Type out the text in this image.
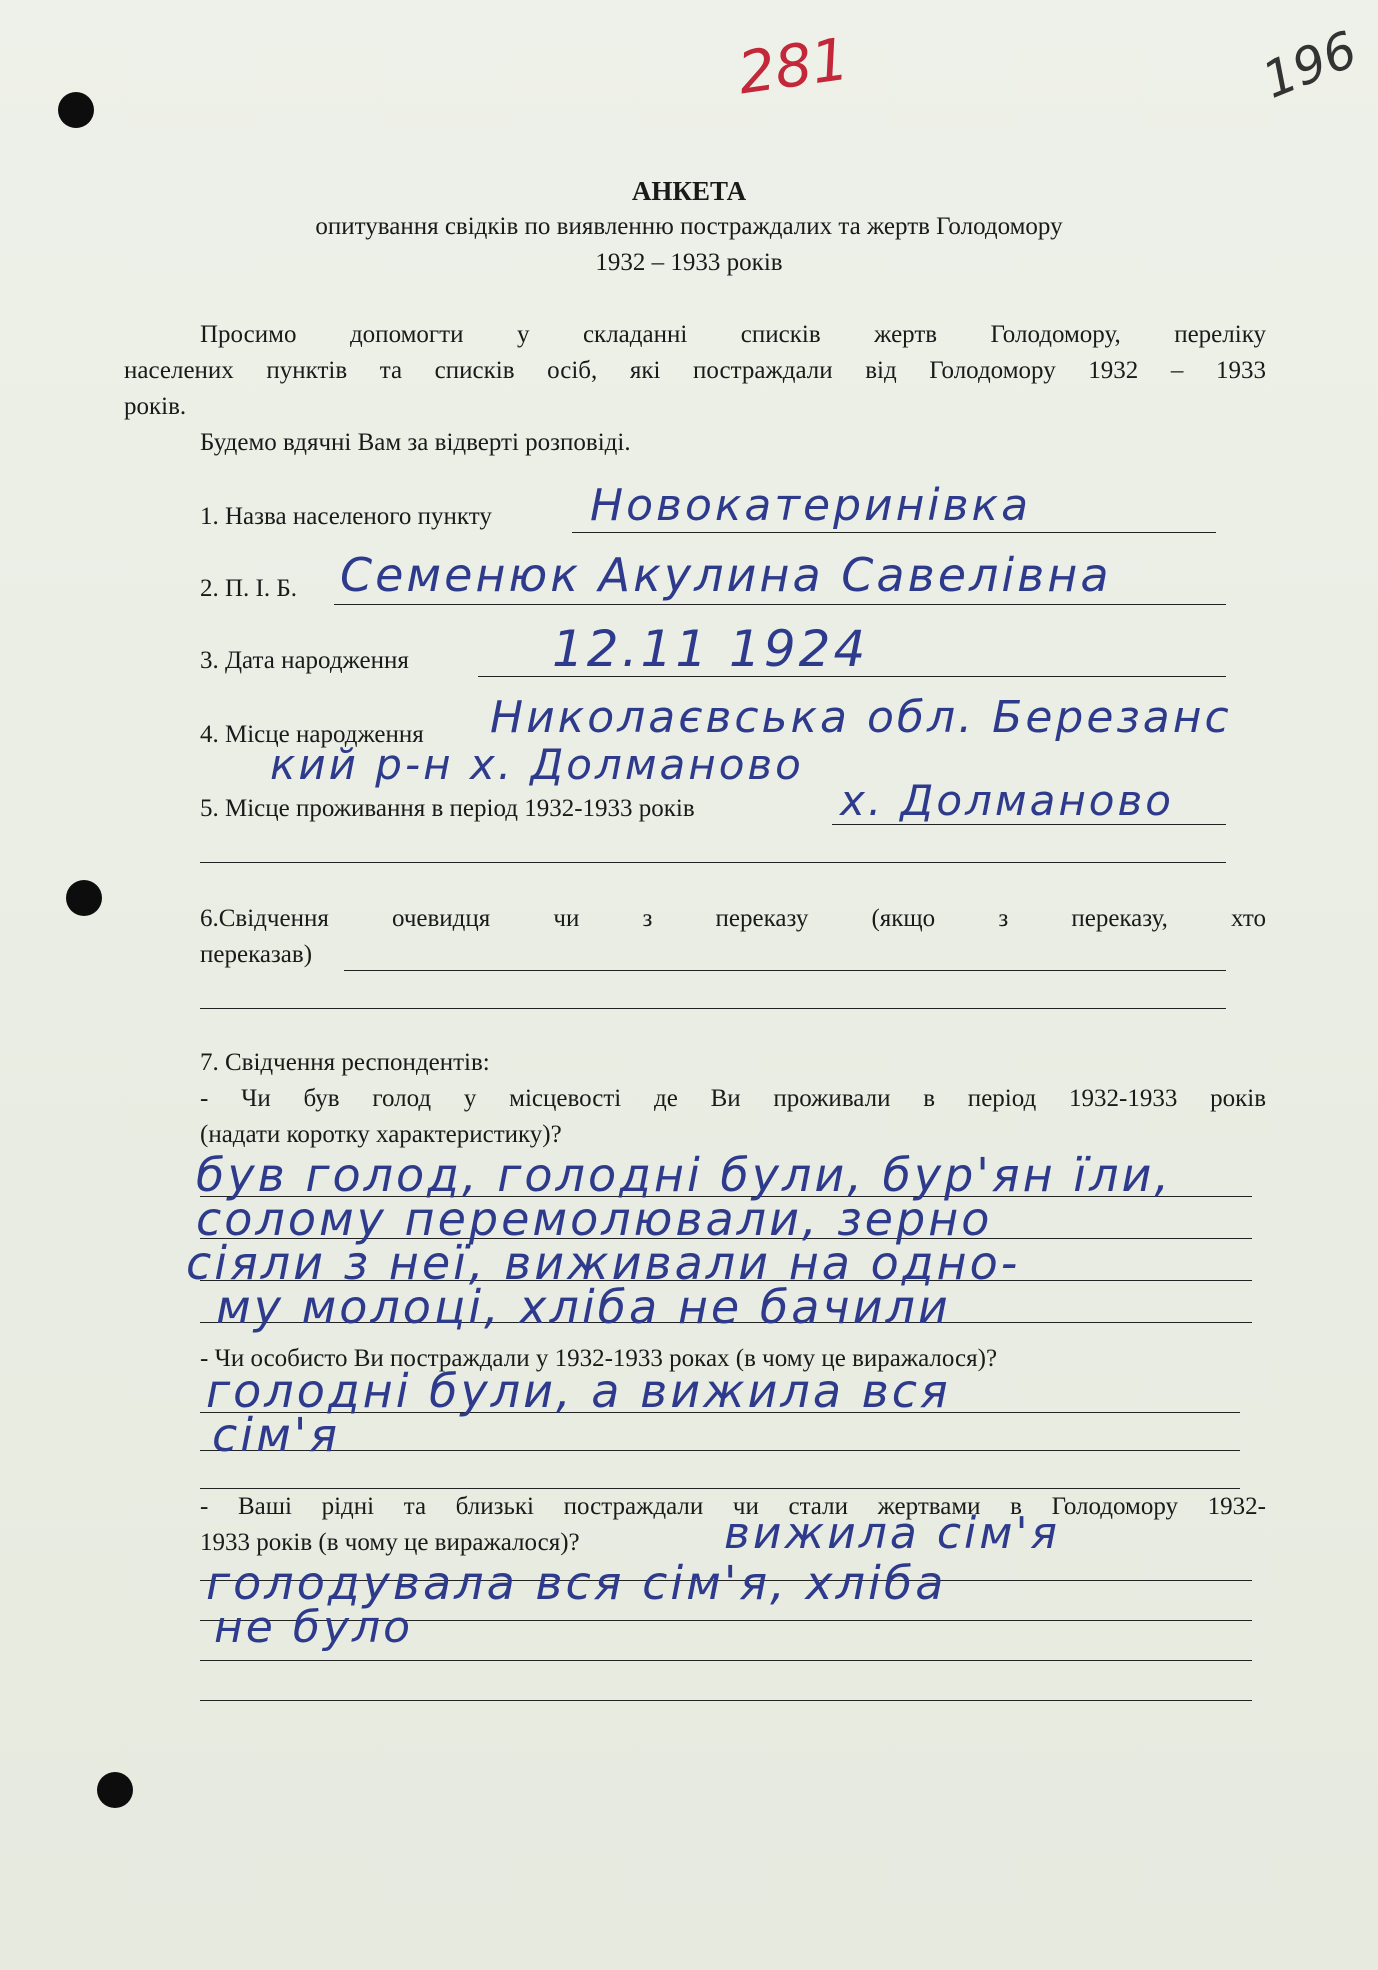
281	196
АНКЕТА
опитування свідків по виявленню постраждалих та жертв Голодомору
1932 – 1933 років
Просимо допомогти у складанні списків жертв Голодомору, переліку
населених пунктів та списків осіб, які постраждали від Голодомору 1932 – 1933
років.
Будемо вдячні Вам за відверті розповіді.
1. Назва населеного пункту Новокатеринівка
2. П. І. Б. Семенюк Акулина Савелівна
3. Дата народження	12.11 1924
4. Місце народження Николаєвська обл. Березанс
кий р-н х. Долманово
5. Місце проживання в період 1932-1933 років	х. Долманово
6.Свідчення очевидця чи з переказу (якщо з переказу, хто
переказав)
7. Свідчення респондентів:
- Чи був голод у місцевості де Ви проживали в період 1932-1933 років
(надати коротку характеристику)?
був голод, голодні були, бур'ян їли,
солому перемолювали, зерно
сіяли з неї, виживали на одно-
му молоці, хліба не бачили
- Чи особисто Ви постраждали у 1932-1933 роках (в чому це виражалося)?
голодні були, а вижила вся
сім'я
- Ваші рідні та близькі постраждали чи стали жертвами в Голодомору 1932-
1933 років (в чому це виражалося)?	вижила сім'я
голодувала вся сім'я, хліба
не було
